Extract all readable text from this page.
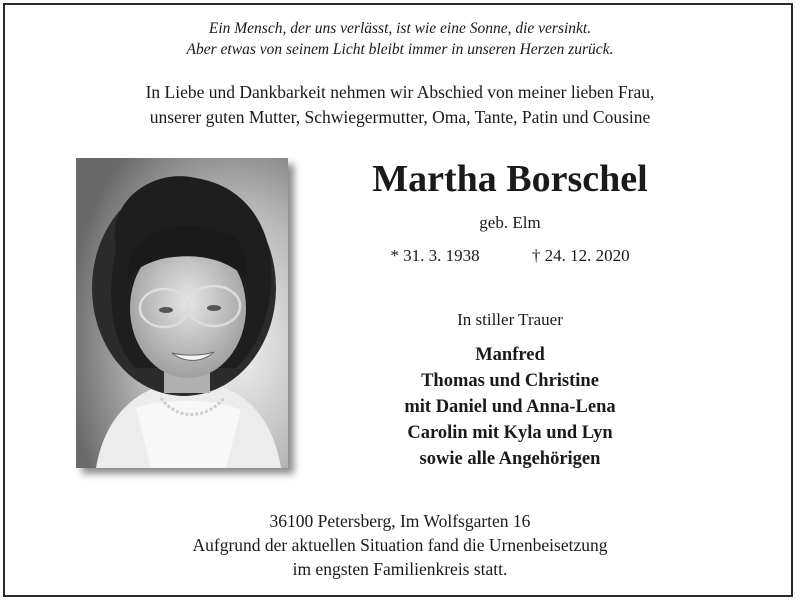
Ein Mensch, der uns verlässt, ist wie eine Sonne, die versinkt.
Aber etwas von seinem Licht bleibt immer in unseren Herzen zurück.
In Liebe und Dankbarkeit nehmen wir Abschied von meiner lieben Frau,
unserer guten Mutter, Schwiegermutter, Oma, Tante, Patin und Cousine
Martha Borschel
geb. Elm
* 31. 3. 1938	† 24. 12. 2020
In stiller Trauer
Manfred
Thomas und Christine
mit Daniel und Anna-Lena
Carolin mit Kyla und Lyn
sowie alle Angehörigen
36100 Petersberg, Im Wolfsgarten 16
Aufgrund der aktuellen Situation fand die Urnenbeisetzung
im engsten Familienkreis statt.
